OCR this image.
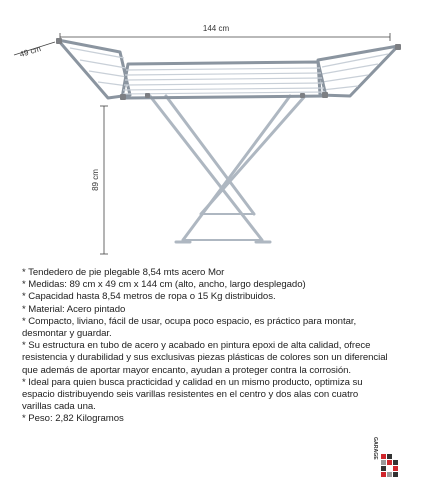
144 cm
49 cm
89 cm
* Tendedero de pie plegable 8,54 mts acero Mor
* Medidas: 89 cm x 49 cm x 144 cm (alto, ancho, largo desplegado)
* Capacidad hasta 8,54 metros de ropa o 15 Kg distribuidos.
* Material: Acero pintado
* Compacto, liviano, fácil de usar, ocupa poco espacio, es práctico para montar,
desmontar y guardar.
* Su estructura en tubo de acero y acabado en pintura epoxi de alta calidad, ofrece
resistencia y durabilidad y sus exclusivas piezas plásticas de colores son un diferencial
que además de aportar mayor encanto, ayudan a proteger contra la corrosión.
* Ideal para quien busca practicidad y calidad en un mismo producto, optimiza su
espacio distribuyendo seis varillas resistentes en el centro y dos alas con cuatro
varillas cada una.
* Peso: 2,82 Kilogramos
GARAGE
